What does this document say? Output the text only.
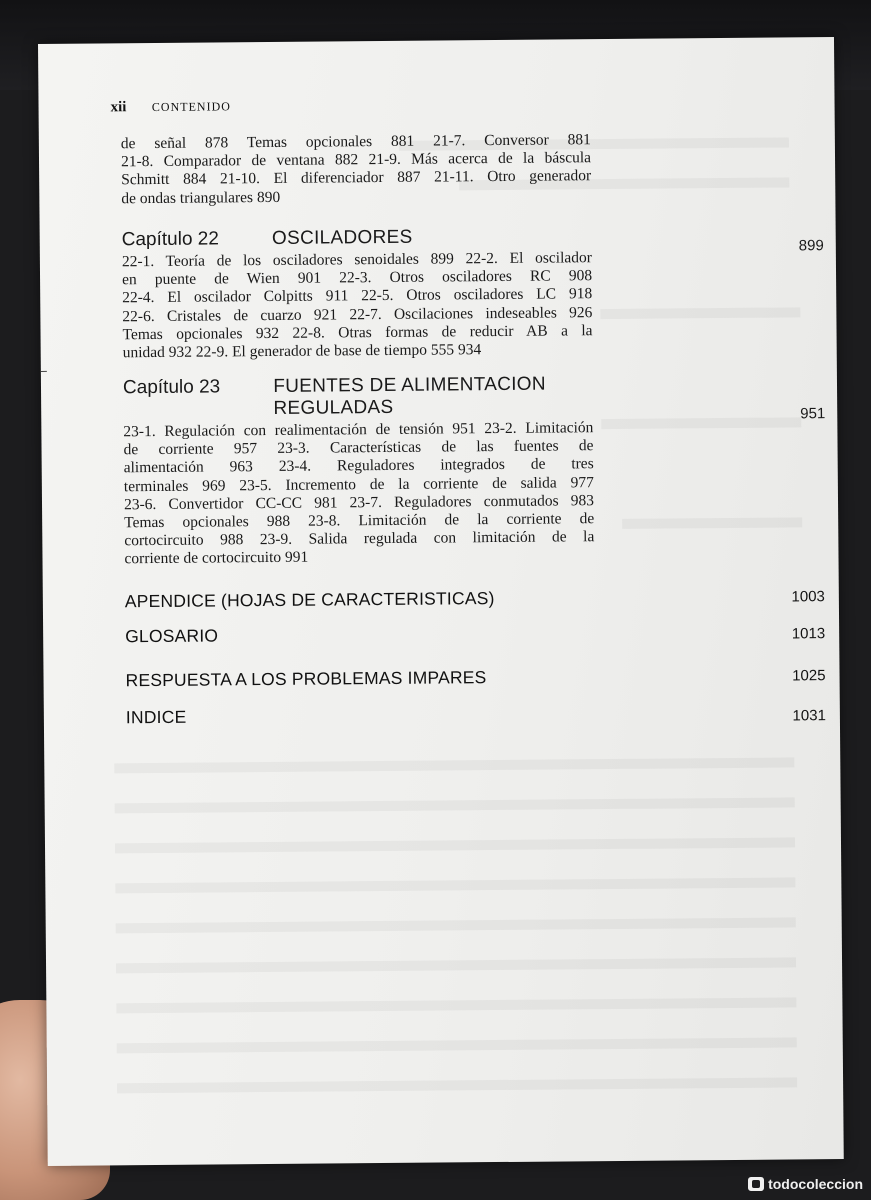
xii CONTENIDO
de señal 878 Temas opcionales 881 21-7. Conversor 881
21-8. Comparador de ventana 882 21-9. Más acerca de la báscula
Schmitt 884 21-10. El diferenciador 887 21-11. Otro generador
de ondas triangulares 890
Capítulo 22	OSCILADORES	899
22-1. Teoría de los osciladores senoidales 899 22-2. El oscilador
en puente de Wien 901 22-3. Otros osciladores RC 908
22-4. El oscilador Colpitts 911 22-5. Otros osciladores LC 918
22-6. Cristales de cuarzo 921 22-7. Oscilaciones indeseables 926
Temas opcionales 932 22-8. Otras formas de reducir AB a la
unidad 932 22-9. El generador de base de tiempo 555 934
Capítulo 23	FUENTES DE ALIMENTACION
REGULADAS	951
23-1. Regulación con realimentación de tensión 951 23-2. Limitación
de corriente 957 23-3. Características de las fuentes de
alimentación 963 23-4. Reguladores integrados de tres
terminales 969 23-5. Incremento de la corriente de salida 977
23-6. Convertidor CC-CC 981 23-7. Reguladores conmutados 983
Temas opcionales 988 23-8. Limitación de la corriente de
cortocircuito 988 23-9. Salida regulada con limitación de la
corriente de cortocircuito 991
APENDICE (HOJAS DE CARACTERISTICAS)	1003
GLOSARIO	1013
RESPUESTA A LOS PROBLEMAS IMPARES	1025
INDICE	1031
todocoleccion
